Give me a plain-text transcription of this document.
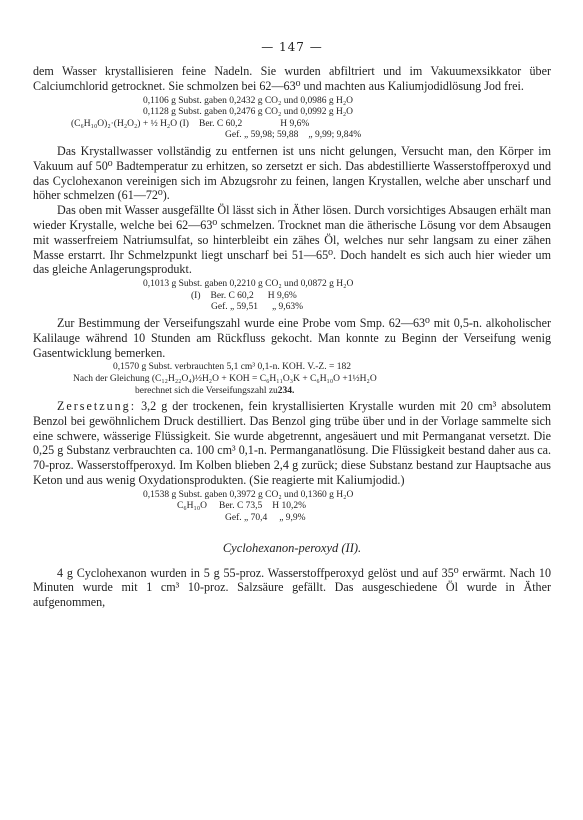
— 147 —

dem Wasser krystallisieren feine Nadeln. Sie wurden abfiltriert und im Vakuumexsikkator über Calciumchlorid getrocknet. Sie schmolzen bei 62—63⁰ und machten aus Kaliumjodidlösung Jod frei.

0,1106 g Subst. gaben 0,2432 g CO₂ und 0,0986 g H₂O
0,1128 g Subst. gaben 0,2476 g CO₂ und 0,0992 g H₂O
(C₆H₁₀O)₂·(H₂O₂) + ½ H₂O (I) Ber. C 60,2	H 9,6%
Gef. „ 59,98; 59,88 „ 9,99; 9,84%

Das Krystallwasser vollständig zu entfernen ist uns nicht gelungen, Versucht man, den Körper im Vakuum auf 50⁰ Badtemperatur zu erhitzen, so zersetzt er sich. Das abdestillierte Wasserstoffperoxyd und das Cyclohexanon vereinigen sich im Abzugsrohr zu feinen, langen Krystallen, welche aber unscharf und höher schmelzen (61—72⁰).

Das oben mit Wasser ausgefällte Öl lässt sich in Äther lösen. Durch vorsichtiges Absaugen erhält man wieder Krystalle, welche bei 62—63⁰ schmelzen. Trocknet man die ätherische Lösung vor dem Absaugen mit wasserfreiem Natriumsulfat, so hinterbleibt ein zähes Öl, welches nur sehr langsam zu einer zähen Masse erstarrt. Ihr Schmelzpunkt liegt unscharf bei 51—65⁰. Doch handelt es sich auch hier wieder um das gleiche Anlagerungsprodukt.

0,1013 g Subst. gaben 0,2210 g CO₂ und 0,0872 g H₂O
(I) Ber. C 60,2 H 9,6%
Gef. „ 59,51 „ 9,63%

Zur Bestimmung der Verseifungszahl wurde eine Probe vom Smp. 62—63⁰ mit 0,5-n. alkoholischer Kalilauge während 10 Stunden am Rückfluss gekocht. Man konnte zu Beginn der Verseifung wenig Gasentwicklung bemerken.

0,1570 g Subst. verbrauchten 5,1 cm³ 0,1-n. KOH. V.-Z. = 182
Nach der Gleichung (C₁₂H₂₂O₄)½H₂O + KOH = C₆H₁₁O₃K + C₆H₁₀O +1½H₂O
berechnet sich die Verseifungszahl zu 234.

Zersetzung: 3,2 g der trockenen, fein krystallisierten Krystalle wurden mit 20 cm³ absolutem Benzol bei gewöhnlichem Druck destilliert. Das Benzol ging trübe über und in der Vorlage sammelte sich eine schwere, wässerige Flüssigkeit. Sie wurde abgetrennt, angesäuert und mit Permanganat versetzt. Die 0,25 g Substanz verbrauchten ca. 100 cm³ 0,1-n. Permanganatlösung. Die Flüssigkeit bestand daher aus ca. 70-proz. Wasserstoffperoxyd. Im Kolben blieben 2,4 g zurück; diese Substanz bestand zur Hauptsache aus Keton und aus wenig Oxydationsprodukten. (Sie reagierte mit Kaliumjodid.)

0,1538 g Subst. gaben 0,3972 g CO₂ und 0,1360 g H₂O
C₆H₁₀O Ber. C 73,5 H 10,2%
Gef. „ 70,4 „ 9,9%
Cyclohexanon-peroxyd (II).

4 g Cyclohexanon wurden in 5 g 55-proz. Wasserstoffperoxyd gelöst und auf 35⁰ erwärmt. Nach 10 Minuten wurde mit 1 cm³ 10-proz. Salzsäure gefällt. Das ausgeschiedene Öl wurde in Äther aufgenommen,
